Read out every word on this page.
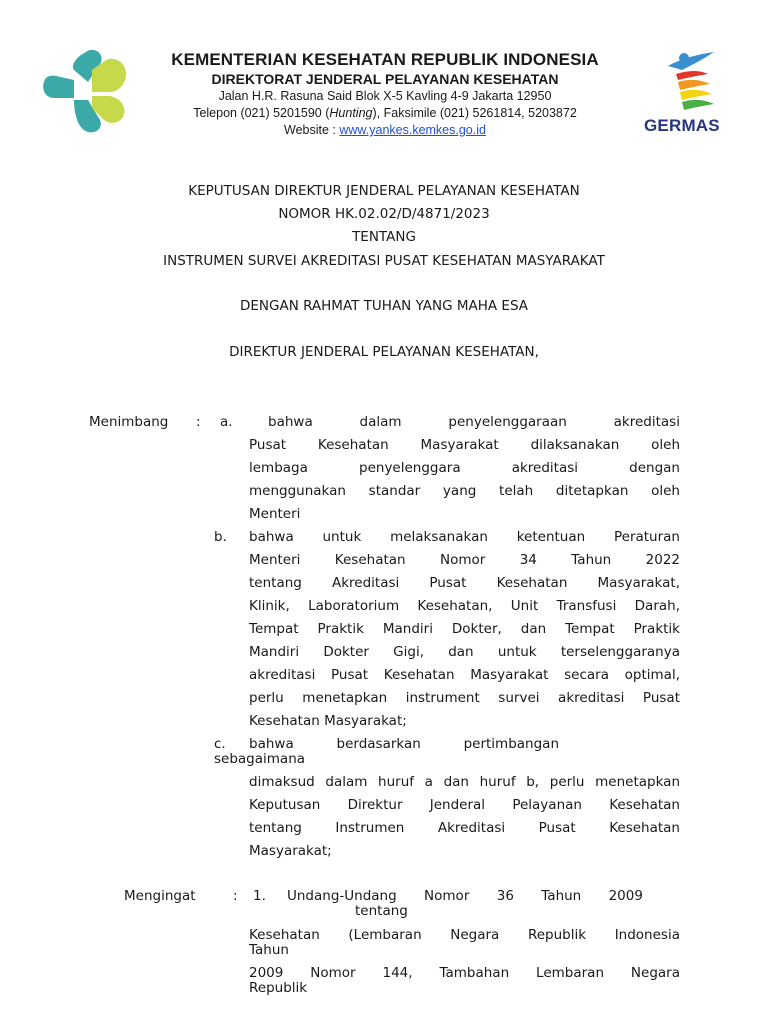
KEMENTERIAN KESEHATAN REPUBLIK INDONESIA
DIREKTORAT JENDERAL PELAYANAN KESEHATAN
Jalan H.R. Rasuna Said Blok X-5 Kavling 4-9 Jakarta 12950
Telepon (021) 5201590 (Hunting), Faksimile (021) 5261814, 5203872
Website : www.yankes.kemkes.go.id	GERMAS
KEPUTUSAN DIREKTUR JENDERAL PELAYANAN KESEHATAN
NOMOR HK.02.02/D/4871/2023
TENTANG
INSTRUMEN SURVEI AKREDITASI PUSAT KESEHATAN MASYARAKAT
DENGAN RAHMAT TUHAN YANG MAHA ESA
DIREKTUR JENDERAL PELAYANAN KESEHATAN,
Menimbang : a.	bahwa	dalam	penyelenggaraan	akreditasi
Pusat Kesehatan Masyarakat dilaksanakan oleh
lembaga penyelenggara akreditasi dengan
menggunakan standar yang telah ditetapkan oleh
Menteri
b. bahwa untuk melaksanakan ketentuan Peraturan
Menteri Kesehatan Nomor 34 Tahun 2022
tentang Akreditasi Pusat Kesehatan Masyarakat,
Klinik, Laboratorium Kesehatan, Unit Transfusi Darah,
Tempat Praktik Mandiri Dokter, dan Tempat Praktik
Mandiri Dokter Gigi, dan untuk terselenggaranya
akreditasi Pusat Kesehatan Masyarakat secara optimal,
perlu menetapkan instrument survei akreditasi Pusat
Kesehatan Masyarakat;
c. bahwa	berdasarkan	pertimbangan
sebagaimana
dimaksud dalam huruf a dan huruf b, perlu menetapkan
Keputusan Direktur Jenderal Pelayanan Kesehatan
tentang Instrumen Akreditasi Pusat Kesehatan
Masyarakat;
Mengingat	: 1. Undang-Undang Nomor 36 Tahun 2009
tentang
Kesehatan (Lembaran Negara Republik Indonesia
Tahun
2009 Nomor 144, Tambahan Lembaran Negara
Republik
